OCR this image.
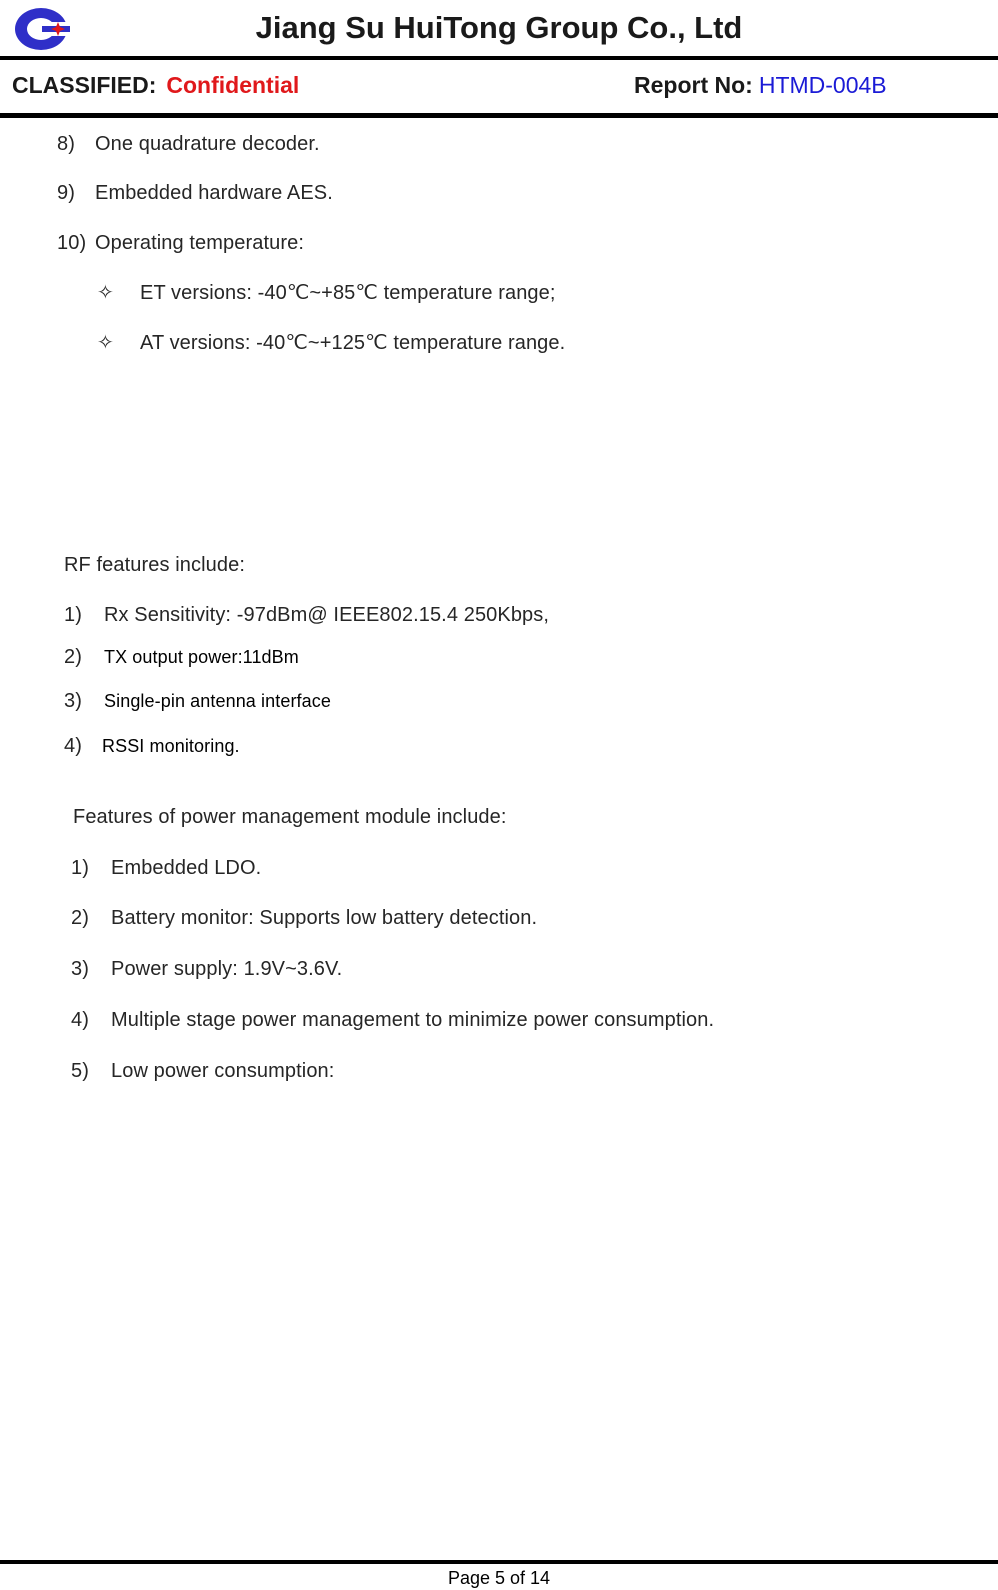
Jiang Su HuiTong Group Co., Ltd
CLASSIFIED: Confidential	Report No: HTMD-004B
8) One quadrature decoder.
9) Embedded hardware AES.
10) Operating temperature:
✧ ET versions: -40℃~+85℃ temperature range;
✧ AT versions: -40℃~+125℃ temperature range.
RF features include:
1) Rx Sensitivity: -97dBm@ IEEE802.15.4 250Kbps,
2) TX output power:11dBm
3) Single-pin antenna interface
4) RSSI monitoring.
Features of power management module include:
1) Embedded LDO.
2) Battery monitor: Supports low battery detection.
3) Power supply: 1.9V~3.6V.
4) Multiple stage power management to minimize power consumption.
5) Low power consumption:
Page 5 of 14
